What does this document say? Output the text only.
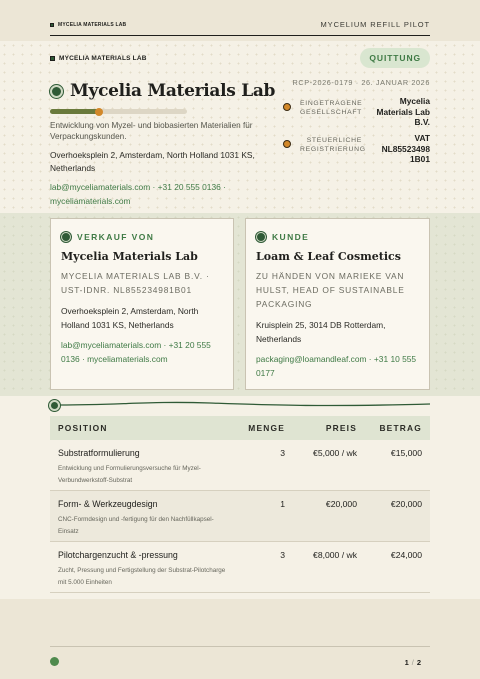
MYCELIA MATERIALS LAB	MYCELIUM REFILL PILOT
MYCELIA MATERIALS LAB	QUITTUNG
Mycelia Materials Lab
Entwicklung von Myzel- und biobasierten Materialien für Verpackungskunden.
Overhoeksplein 2, Amsterdam, North Holland 1031 KS, Netherlands
lab@myceliamaterials.com · +31 20 555 0136 · myceliamaterials.com
RCP-2026-0179 · 26. JANUAR 2026
EINGETRAGENE GESELLSCHAFT
Mycelia Materials Lab B.V.
STEUERLICHE REGISTRIERUNG
VAT NL85523498 1B01
VERKAUF VON
Mycelia Materials Lab
MYCELIA MATERIALS LAB B.V. · UST-IDNR. NL855234981B01
Overhoeksplein 2, Amsterdam, North Holland 1031 KS, Netherlands
lab@myceliamaterials.com · +31 20 555 0136 · myceliamaterials.com
KUNDE
Loam & Leaf Cosmetics
ZU HÄNDEN VON MARIEKE VAN HULST, HEAD OF SUSTAINABLE PACKAGING
Kruisplein 25, 3014 DB Rotterdam, Netherlands
packaging@loamandleaf.com · +31 10 555 0177
POSITION	MENGE	PREIS	BETRAG
Substratformulierung
Entwicklung und Formulierungsversuche für Myzel-Verbundwerkstoff-Substrat
3	€5,000 / wk	€15,000
Form- & Werkzeugdesign
CNC-Formdesign und -fertigung für den Nachfüllkapsel-Einsatz
1	€20,000	€20,000
Pilotchargenzucht & -pressung
Zucht, Pressung und Fertigstellung der Substrat-Pilotcharge mit 5.000 Einheiten
3	€8,000 / wk	€24,000
1 / 2
